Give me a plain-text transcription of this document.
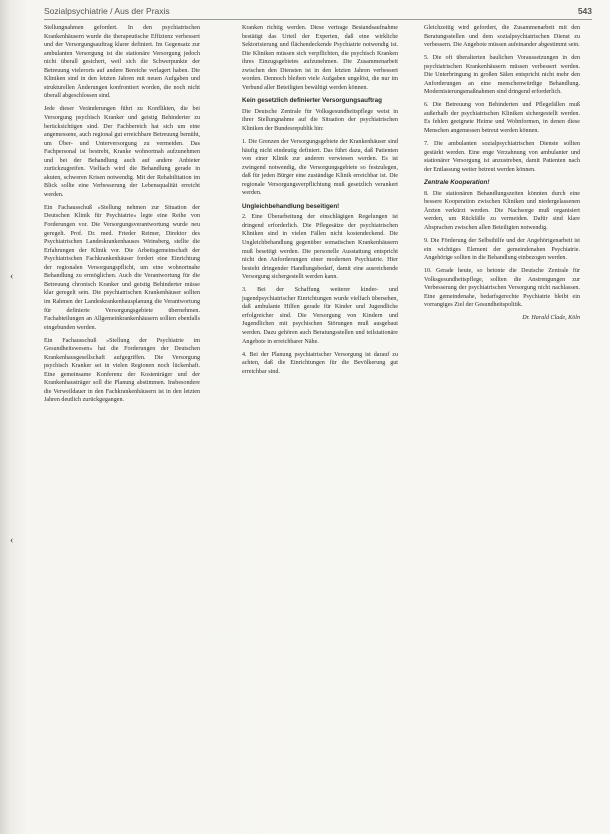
Sozialpsychiatrie / Aus der Praxis	543
‹
‹

Stellungnahmen gefordert. In den psychiatrischen Krankenhäusern wurde die therapeutische Effizienz verbessert und der Versorgungsauftrag klarer definiert. Im Gegensatz zur ambulanten Versorgung ist die stationäre Versorgung jedoch nicht überall gesichert, weil sich die Schwerpunkte der Betreuung vielerorts auf andere Bereiche verlagert haben. Die Kliniken sind in den letzten Jahren mit neuen Aufgaben und strukturellen Änderungen konfrontiert worden, die noch nicht überall abgeschlossen sind.

Jede dieser Veränderungen führt zu Konflikten, die bei Versorgung psychisch Kranker und geistig Behinderter zu berücksichtigen sind. Der Fachbereich hat sich um eine angemessene, auch regional gut erreichbare Betreuung bemüht, um Über- und Unterversorgung zu vermeiden. Das Fachpersonal ist bestrebt, Kranke wohnortnah aufzunehmen und bei der Behandlung auch auf andere Anbieter zurückzugreifen. Vielfach wird die Behandlung gerade in akuten, schweren Krisen notwendig. Mit der Rehabilitation im Blick sollte eine Verbesserung der Lebensqualität erreicht werden.

Ein Fachausschuß »Stellung nehmen zur Situation der Deutschen Klinik für Psychiatrie« legte eine Reihe von Forderungen vor. Die Versorgungsverantwortung wurde neu geregelt. Prof. Dr. med. Frieder Reimer, Direktor des Psychiatrischen Landeskrankenhauses Weinsberg, stellte die Erfahrungen der Klinik vor. Die Arbeitsgemeinschaft der Psychiatrischen Fachkrankenhäuser fordert eine Einrichtung der regionalen Versorgungspflicht, um eine wohnortnahe Behandlung zu ermöglichen. Auch die Verantwortung für die Betreuung chronisch Kranker und geistig Behinderter müsse klar geregelt sein. Die psychiatrischen Krankenhäuser sollten im Rahmen der Landeskrankenhausplanung die Verantwortung für definierte Versorgungsgebiete übernehmen. Fachabteilungen an Allgemeinkrankenhäusern sollten ebenfalls eingebunden werden.

Ein Fachausschuß »Stellung der Psychiatrie im Gesundheitswesen« hat die Forderungen der Deutschen Krankenhausgesellschaft aufgegriffen. Die Versorgung psychisch Kranker sei in vielen Regionen noch lückenhaft. Eine gemeinsame Konferenz der Kostenträger und der Krankenhausträger soll die Planung abstimmen. Insbesondere die Verweildauer in den Fachkrankenhäusern ist in den letzten Jahren deutlich zurückgegangen.

Kranken richtig werden. Diese vertrage Bestandsaufnahme bestätigt das Urteil der Experten, daß eine wirkliche Sektorisierung und flächendeckende Psychiatrie notwendig ist. Die Kliniken müssen sich verpflichten, die psychisch Kranken ihres Einzugsgebietes aufzunehmen. Die Zusammenarbeit zwischen den Diensten ist in den letzten Jahren verbessert worden. Dennoch bleiben viele Aufgaben ungelöst, die nur im Verbund aller Beteiligten bewältigt werden können.

Kein gesetzlich definierter Versorgungsauftrag

Die Deutsche Zentrale für Volksgesundheitspflege weist in ihrer Stellungnahme auf die Situation der psychiatrischen Kliniken der Bundesrepublik hin:

1. Die Grenzen der Versorgungsgebiete der Krankenhäuser sind häufig nicht eindeutig definiert. Das führt dazu, daß Patienten von einer Klinik zur anderen verwiesen werden. Es ist zwingend notwendig, die Versorgungsgebiete so festzulegen, daß für jeden Bürger eine zuständige Klinik erreichbar ist. Die regionale Versorgungsverpflichtung muß gesetzlich verankert werden.

Ungleichbehandlung beseitigen!

2. Eine Überarbeitung der einschlägigen Regelungen ist dringend erforderlich. Die Pflegesätze der psychiatrischen Kliniken sind in vielen Fällen nicht kostendeckend. Die Ungleichbehandlung gegenüber somatischen Krankenhäusern muß beseitigt werden. Die personelle Ausstattung entspricht nicht den Anforderungen einer modernen Psychiatrie. Hier besteht dringender Handlungsbedarf, damit eine ausreichende Versorgung sichergestellt werden kann.

3. Bei der Schaffung weiterer kinder- und jugendpsychiatrischer Einrichtungen wurde vielfach übersehen, daß ambulante Hilfen gerade für Kinder und Jugendliche erfolgreicher sind. Die Versorgung von Kindern und Jugendlichen mit psychischen Störungen muß ausgebaut werden. Dazu gehören auch Beratungsstellen und teilstationäre Angebote in erreichbarer Nähe.

4. Bei der Planung psychiatrischer Versorgung ist darauf zu achten, daß die Einrichtungen für die Bevölkerung gut erreichbar sind.

Gleichzeitig wird gefordert, die Zusammenarbeit mit den Beratungsstellen und dem sozialpsychiatrischen Dienst zu verbessern. Die Angebote müssen aufeinander abgestimmt sein.

5. Die oft überalterten baulichen Voraussetzungen in den psychiatrischen Krankenhäusern müssen verbessert werden. Die Unterbringung in großen Sälen entspricht nicht mehr den Anforderungen an eine menschenwürdige Behandlung. Modernisierungsmaßnahmen sind dringend erforderlich.

6. Die Betreuung von Behinderten und Pflegefällen muß außerhalb der psychiatrischen Kliniken sichergestellt werden. Es fehlen geeignete Heime und Wohnformen, in denen diese Menschen angemessen betreut werden können.

7. Die ambulanten sozialpsychiatrischen Dienste sollten gestärkt werden. Eine enge Verzahnung von ambulanter und stationärer Versorgung ist anzustreben, damit Patienten nach der Entlassung weiter betreut werden können.

Zentrale Kooperation!

8. Die stationären Behandlungszeiten könnten durch eine bessere Kooperation zwischen Kliniken und niedergelassenen Ärzten verkürzt werden. Die Nachsorge muß organisiert werden, um Rückfälle zu vermeiden. Dafür sind klare Absprachen zwischen allen Beteiligten notwendig.

9. Die Förderung der Selbsthilfe und der Angehörigenarbeit ist ein wichtiges Element der gemeindenahen Psychiatrie. Angehörige sollten in die Behandlung einbezogen werden.

10. Gerade heute, so betonte die Deutsche Zentrale für Volksgesundheitspflege, sollten die Anstrengungen zur Verbesserung der psychiatrischen Versorgung nicht nachlassen. Eine gemeindenahe, bedarfsgerechte Psychiatrie bleibt ein vorrangiges Ziel der Gesundheitspolitik.

Dr. Harald Clade, Köln
